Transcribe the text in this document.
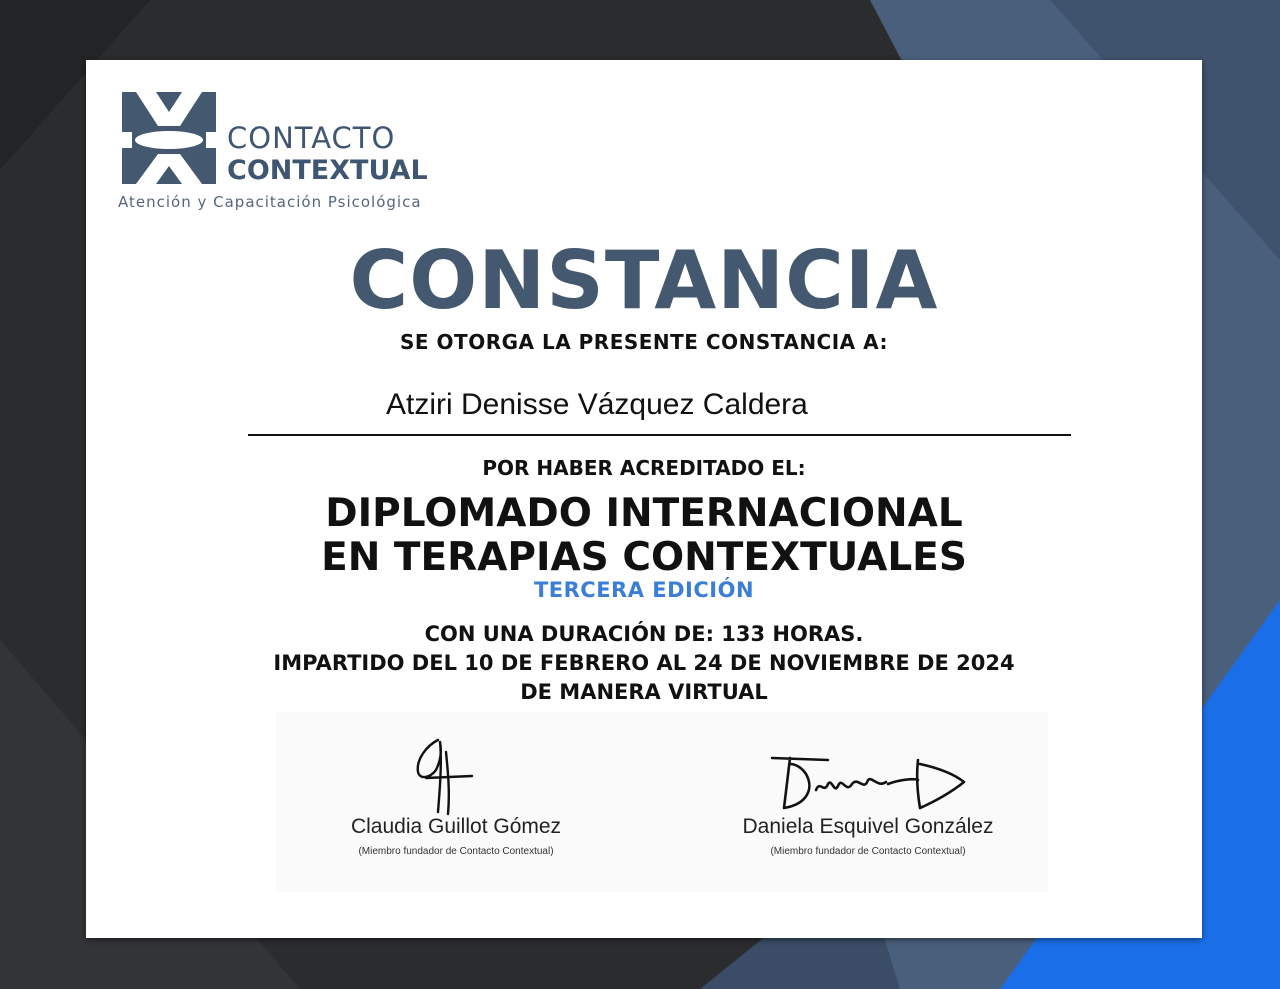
CONTACTO

CONTEXTUAL

Atención y Capacitación Psicológica

CONSTANCIA

SE OTORGA LA PRESENTE CONSTANCIA A:

Atziri Denisse Vázquez Caldera

POR HABER ACREDITADO EL:

DIPLOMADO INTERNACIONAL
EN TERAPIAS CONTEXTUALES

TERCERA EDICIÓN

CON UNA DURACIÓN DE: 133 HORAS.
IMPARTIDO DEL 10 DE FEBRERO AL 24 DE NOVIEMBRE DE 2024
DE MANERA VIRTUAL

Claudia Guillot Gómez

(Miembro fundador de Contacto Contextual)

Daniela Esquivel González

(Miembro fundador de Contacto Contextual)
